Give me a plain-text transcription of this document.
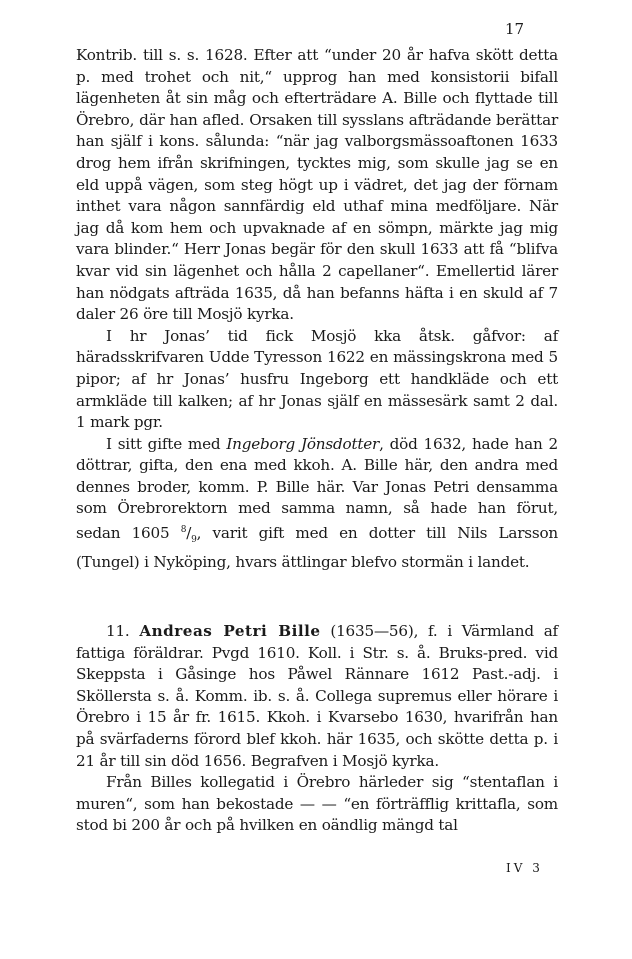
17

Kontrib. till s. s. 1628. Efter att “under 20 år hafva skött detta p. med trohet och nit,“ upprog han med konsistorii bifall lägenheten åt sin måg och efterträdare A. Bille och flyttade till Örebro, där han afled. Orsaken till sysslans afträdande berättar han själf i kons. sålunda: “när jag valborgsmässoaftonen 1633 drog hem ifrån skrifningen, tycktes mig, som skulle jag se en eld uppå vägen, som steg högt up i vädret, det jag der förnam inthet vara någon sannfärdig eld uthaf mina medföljare. När jag då kom hem och upvaknade af en sömpn, märkte jag mig vara blinder.“ Herr Jonas begär för den skull 1633 att få “blifva kvar vid sin lägenhet och hålla 2 capellaner“. Emellertid lärer han nödgats afträda 1635, då han befanns häfta i en skuld af 7 daler 26 öre till Mosjö kyrka.

I hr Jonas’ tid fick Mosjö kka åtsk. gåfvor: af häradsskrifvaren Udde Tyresson 1622 en mässingskrona med 5 pipor; af hr Jonas’ husfru Ingeborg ett handkläde och ett armkläde till kalken; af hr Jonas själf en mässesärk samt 2 dal. 1 mark pgr.

I sitt gifte med Ingeborg Jönsdotter, död 1632, hade han 2 döttrar, gifta, den ena med kkoh. A. Bille här, den andra med dennes broder, komm. P. Bille här. Var Jonas Petri densamma som Örebrorektorn med samma namn, så hade han förut, sedan 1605 $^8/_9$, varit gift med en dotter till Nils Larsson (Tungel) i Nyköping, hvars ättlingar blefvo stormän i landet.

11. Andreas Petri Bille (1635—56), f. i Värmland af fattiga föräldrar. Pvgd 1610. Koll. i Str. s. å. Bruks-pred. vid Skeppsta i Gåsinge hos Påwel Rännare 1612 Past.-adj. i Sköllersta s. å. Komm. ib. s. å. Collega supremus eller hörare i Örebro i 15 år fr. 1615. Kkoh. i Kvarsebo 1630, hvarifrån han på svärfaderns förord blef kkoh. här 1635, och skötte detta p. i 21 år till sin död 1656. Begrafven i Mosjö kyrka.

Från Billes kollegatid i Örebro härleder sig “stentaflan i muren“, som han bekostade — — “en förträfflig krittafla, som stod bi 200 år och på hvilken en oändlig mängd tal

IV 3
